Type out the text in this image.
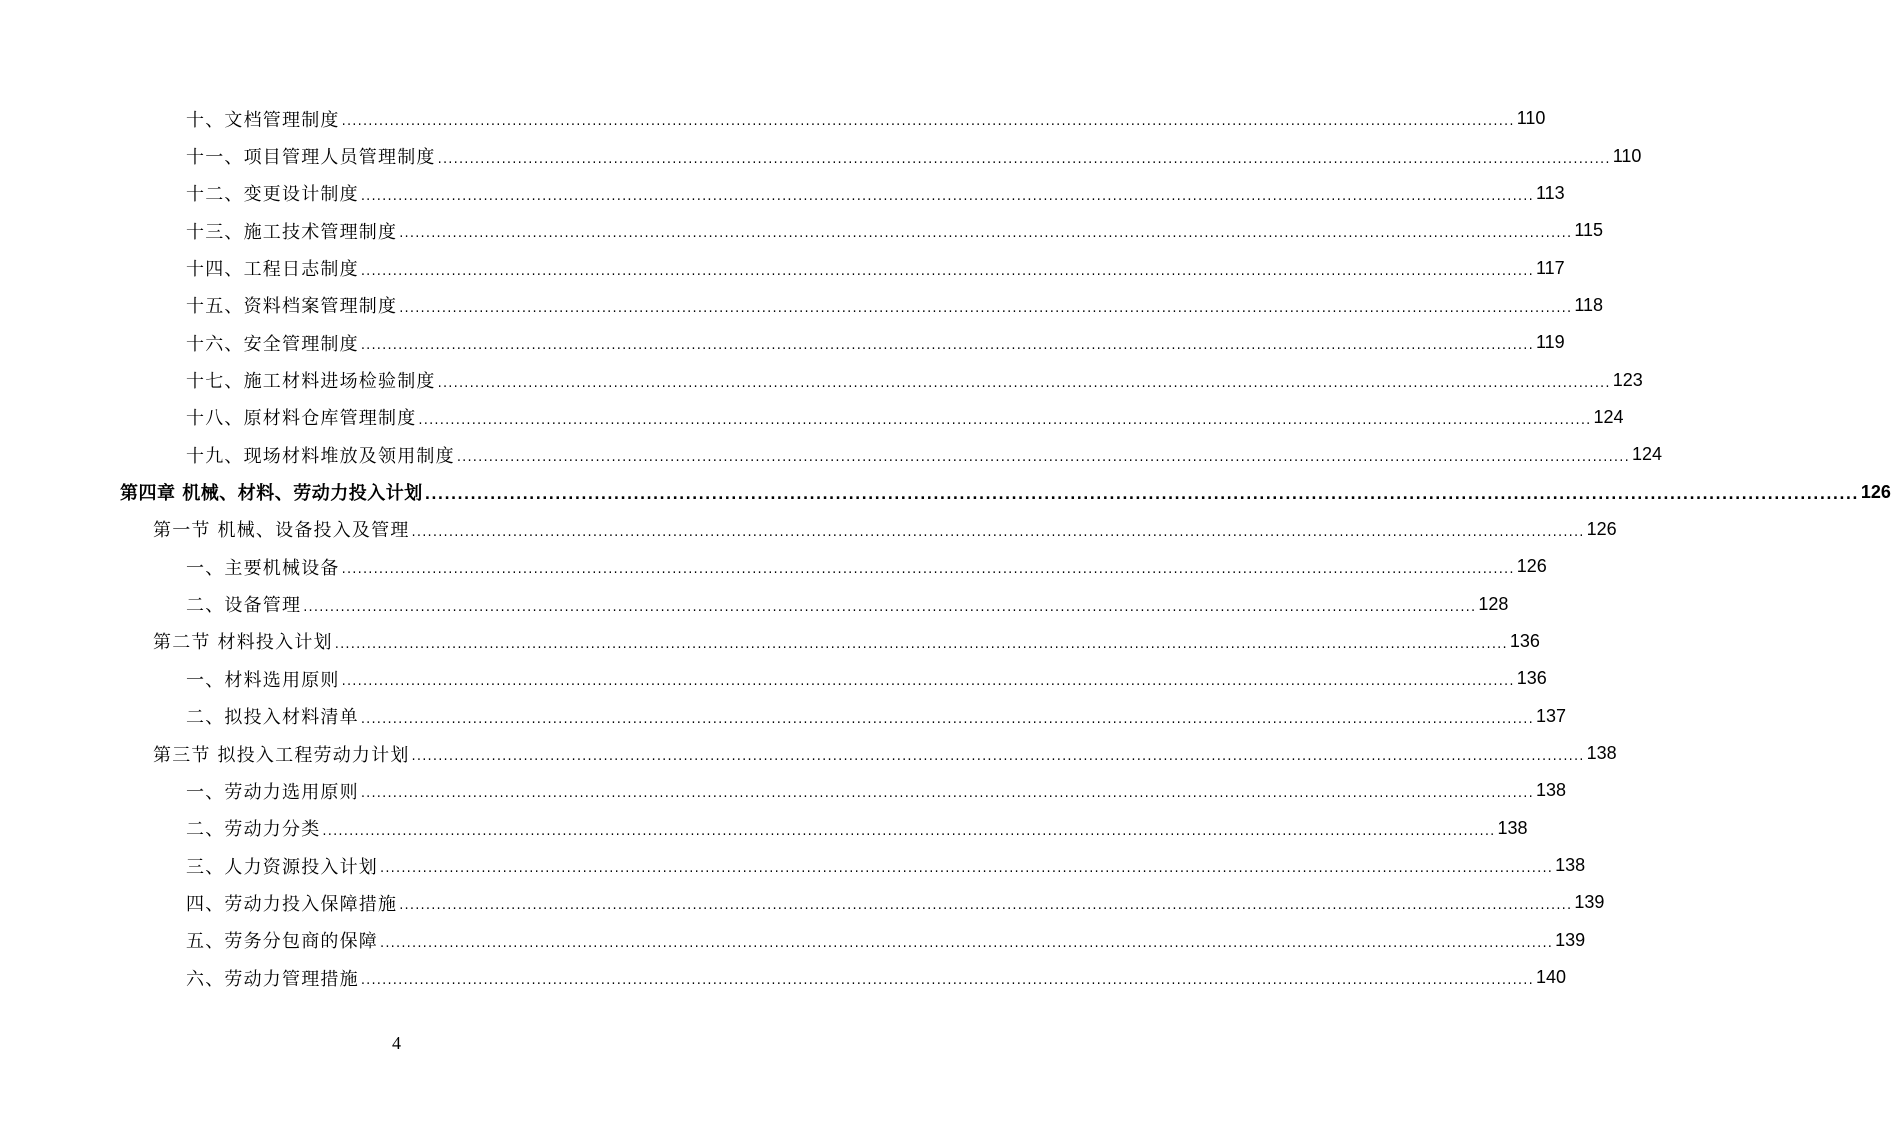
十、文档管理制度 ............................................................................................................................................................................................................................ 110
十一、项目管理人员管理制度 ............................................................................................................................................................................................................................ 110
十二、变更设计制度 ............................................................................................................................................................................................................................ 113
十三、施工技术管理制度 ............................................................................................................................................................................................................................ 115
十四、工程日志制度 ............................................................................................................................................................................................................................ 117
十五、资料档案管理制度 ............................................................................................................................................................................................................................ 118
十六、安全管理制度 ............................................................................................................................................................................................................................ 119
十七、施工材料进场检验制度 ............................................................................................................................................................................................................................ 123
十八、原材料仓库管理制度 ............................................................................................................................................................................................................................ 124
十九、现场材料堆放及领用制度 ............................................................................................................................................................................................................................ 124
第四章 机械、材料、劳动力投入计划 ............................................................................................................................................................................................................................ 126
第一节 机械、设备投入及管理 ............................................................................................................................................................................................................................ 126
一、主要机械设备 ............................................................................................................................................................................................................................ 126
二、设备管理 ............................................................................................................................................................................................................................ 128
第二节 材料投入计划 ............................................................................................................................................................................................................................ 136
一、材料选用原则 ............................................................................................................................................................................................................................ 136
二、拟投入材料清单 ............................................................................................................................................................................................................................ 137
第三节 拟投入工程劳动力计划 ............................................................................................................................................................................................................................ 138
一、劳动力选用原则 ............................................................................................................................................................................................................................ 138
二、劳动力分类 ............................................................................................................................................................................................................................ 138
三、人力资源投入计划 ............................................................................................................................................................................................................................ 138
四、劳动力投入保障措施 ............................................................................................................................................................................................................................ 139
五、劳务分包商的保障 ............................................................................................................................................................................................................................ 139
六、劳动力管理措施 ............................................................................................................................................................................................................................ 140
4
